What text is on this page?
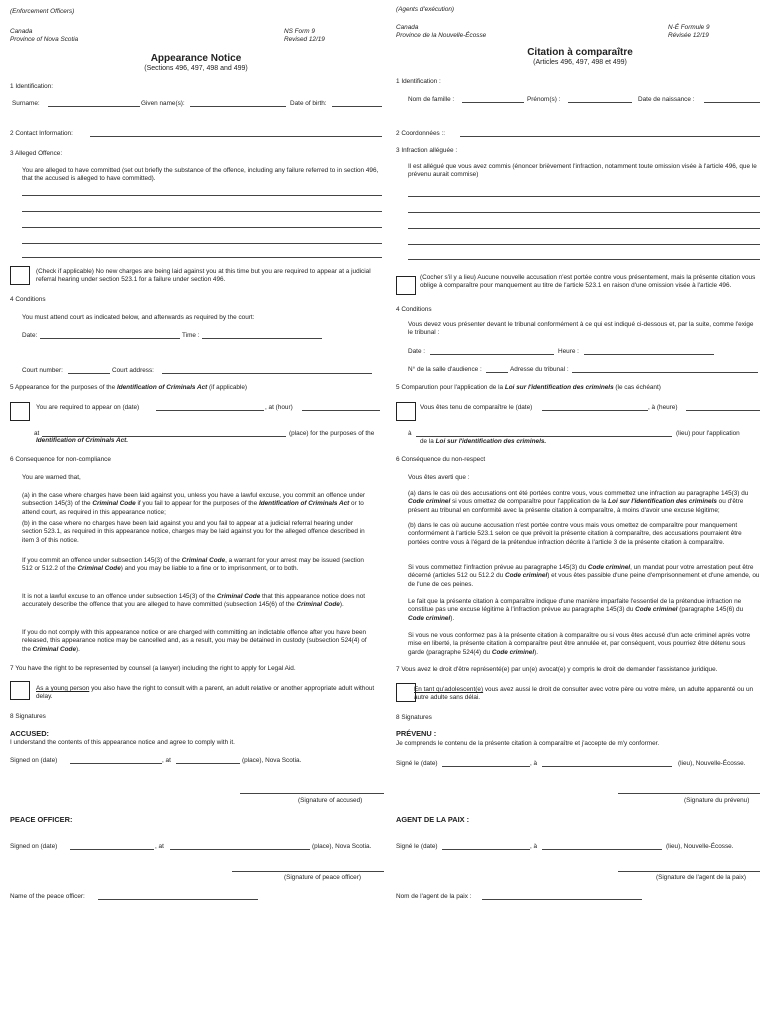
(Enforcement Officers)
Canada
Province of Nova Scotia
NS Form 9
Revised 12/19
Appearance Notice
(Sections 496, 497, 498 and 499)
1 Identification:
Surname:	Given name(s):	Date of birth:
2 Contact Information:
3 Alleged Offence:
You are alleged to have committed (set out briefly the substance of the offence, including any failure referred to in section 496, that the accused is alleged to have committed).
(Check if applicable) No new charges are being laid against you at this time but you are required to appear at a judicial referral hearing under section 523.1 for a failure under section 496.
4 Conditions
You must attend court as indicated below, and afterwards as required by the court:
Date:	Time :
Court number:	Court address:
5 Appearance for the purposes of the Identification of Criminals Act (if applicable)
You are required to appear on (date)	, at (hour)
at	(place) for the purposes of the
Identification of Criminals Act.
6 Consequence for non-compliance
You are warned that,
(a) in the case where charges have been laid against you, unless you have a lawful excuse, you commit an offence under subsection 145(3) of the Criminal Code if you fail to appear for the purposes of the Identification of Criminals Act or to attend court, as required in this appearance notice;
(b) in the case where no charges have been laid against you and you fail to appear at a judicial referral hearing under section 523.1, as required in this appearance notice, charges may be laid against you for the alleged offence described in item 3 of this notice.
If you commit an offence under subsection 145(3) of the Criminal Code, a warrant for your arrest may be issued (section 512 or 512.2 of the Criminal Code) and you may be liable to a fine or to imprisonment, or to both.
It is not a lawful excuse to an offence under subsection 145(3) of the Criminal Code that this appearance notice does not accurately describe the offence that you are alleged to have committed (subsection 145(6) of the Criminal Code).
If you do not comply with this appearance notice or are charged with committing an indictable offence after you have been released, this appearance notice may be cancelled and, as a result, you may be detained in custody (subsection 524(4) of the Criminal Code).
7 You have the right to be represented by counsel (a lawyer) including the right to apply for Legal Aid.
As a young person you also have the right to consult with a parent, an adult relative or another appropriate adult without delay.
8 Signatures
ACCUSED:
I understand the contents of this appearance notice and agree to comply with it.
Signed on (date)	, at	(place), Nova Scotia.
(Signature of accused)
PEACE OFFICER:
Signed on (date)	, at	(place), Nova Scotia.
(Signature of peace officer)
Name of the peace officer:
(Agents d'exécution)
Canada
Province de la Nouvelle-Écosse
N-É Formule 9
Révisée 12/19
Citation à comparaître
(Articles 496, 497, 498 et 499)
1 Identification :
Nom de famille :	Prénom(s) :	Date de naissance :
2 Coordonnées ::
3 Infraction alléguée :
Il est allégué que vous avez commis (énoncer brièvement l'infraction, notamment toute omission visée à l'article 496, que le prévenu aurait commise)
(Cocher s'il y a lieu) Aucune nouvelle accusation n'est portée contre vous présentement, mais la présente citation vous oblige à comparaître pour manquement au titre de l'article 523.1 en raison d'une omission visée à l'article 496.
4 Conditions
Vous devez vous présenter devant le tribunal conformément à ce qui est indiqué ci-dessous et, par la suite, comme l'exige le tribunal :
Date :	Heure :
N° de la salle d'audience :	Adresse du tribunal :
5 Comparution pour l'application de la Loi sur l'identification des criminels (le cas échéant)
Vous êtes tenu de comparaître le (date)	, à (heure)
à	(lieu) pour l'application
de la Loi sur l'identification des criminels.
6 Conséquence du non-respect
Vous êtes averti que :
(a) dans le cas où des accusations ont été portées contre vous, vous commettez une infraction au paragraphe 145(3) du Code criminel si vous omettez de comparaître pour l'application de la Loi sur l'identification des criminels ou d'être présent au tribunal en conformité avec la présente citation à comparaître, à moins d'avoir une excuse légitime;
(b) dans le cas où aucune accusation n'est portée contre vous mais vous omettez de comparaître pour manquement conformément à l'article 523.1 selon ce que prévoit la présente citation à comparaître, des accusations pourraient être portées contre vous à l'égard de la prétendue infraction décrite à l'article 3 de la présente citation à comparaître.
Si vous commettez l'infraction prévue au paragraphe 145(3) du Code criminel, un mandat pour votre arrestation peut être décerné (articles 512 ou 512.2 du Code criminel) et vous êtes passible d'une peine d'emprisonnement et d'une amende, ou de l'une de ces peines.
Le fait que la présente citation à comparaître indique d'une manière imparfaite l'essentiel de la prétendue infraction ne constitue pas une excuse légitime à l'infraction prévue au paragraphe 145(3) du Code criminel (paragraphe 145(6) du Code criminel).
Si vous ne vous conformez pas à la présente citation à comparaître ou si vous êtes accusé d'un acte criminel après votre mise en liberté, la présente citation à comparaître peut être annulée et, par conséquent, vous pourriez être détenu sous garde (paragraphe 524(4) du Code criminel).
7 Vous avez le droit d'être représenté(e) par un(e) avocat(e) y compris le droit de demander l'assistance juridique.
En tant qu'adolescent(e) vous avez aussi le droit de consulter avec votre père ou votre mère, un adulte apparenté ou un autre adulte sans délai.
8 Signatures
PRÉVENU :
Je comprends le contenu de la présente citation à comparaître et j'accepte de m'y conformer.
Signé le (date)	, à	(lieu), Nouvelle-Écosse.
(Signature du prévenu)
AGENT DE LA PAIX :
Signé le (date)	, à	(lieu), Nouvelle-Écosse.
(Signature de l'agent de la paix)
Nom de l'agent de la paix :
